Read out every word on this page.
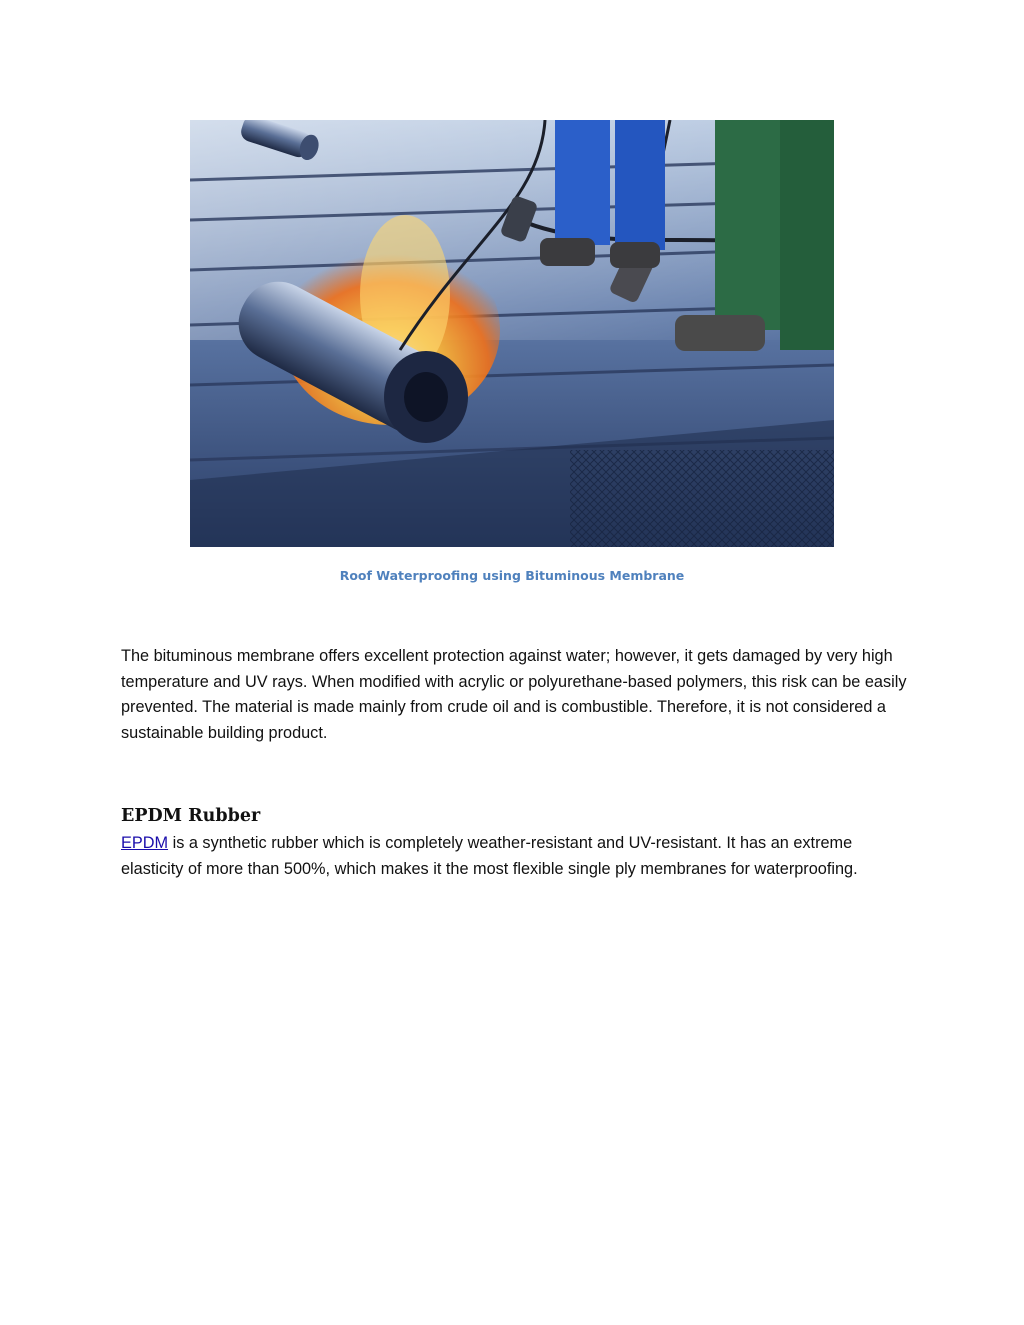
Roof Waterproofing using Bituminous Membrane

The bituminous membrane offers excellent protection against water; however, it gets damaged by very high temperature and UV rays. When modified with acrylic or polyurethane-based polymers, this risk can be easily prevented. The material is made mainly from crude oil and is combustible. Therefore, it is not considered a sustainable building product.

EPDM Rubber

EPDM is a synthetic rubber which is completely weather-resistant and UV-resistant. It has an extreme elasticity of more than 500%, which makes it the most flexible single ply membranes for waterproofing.
